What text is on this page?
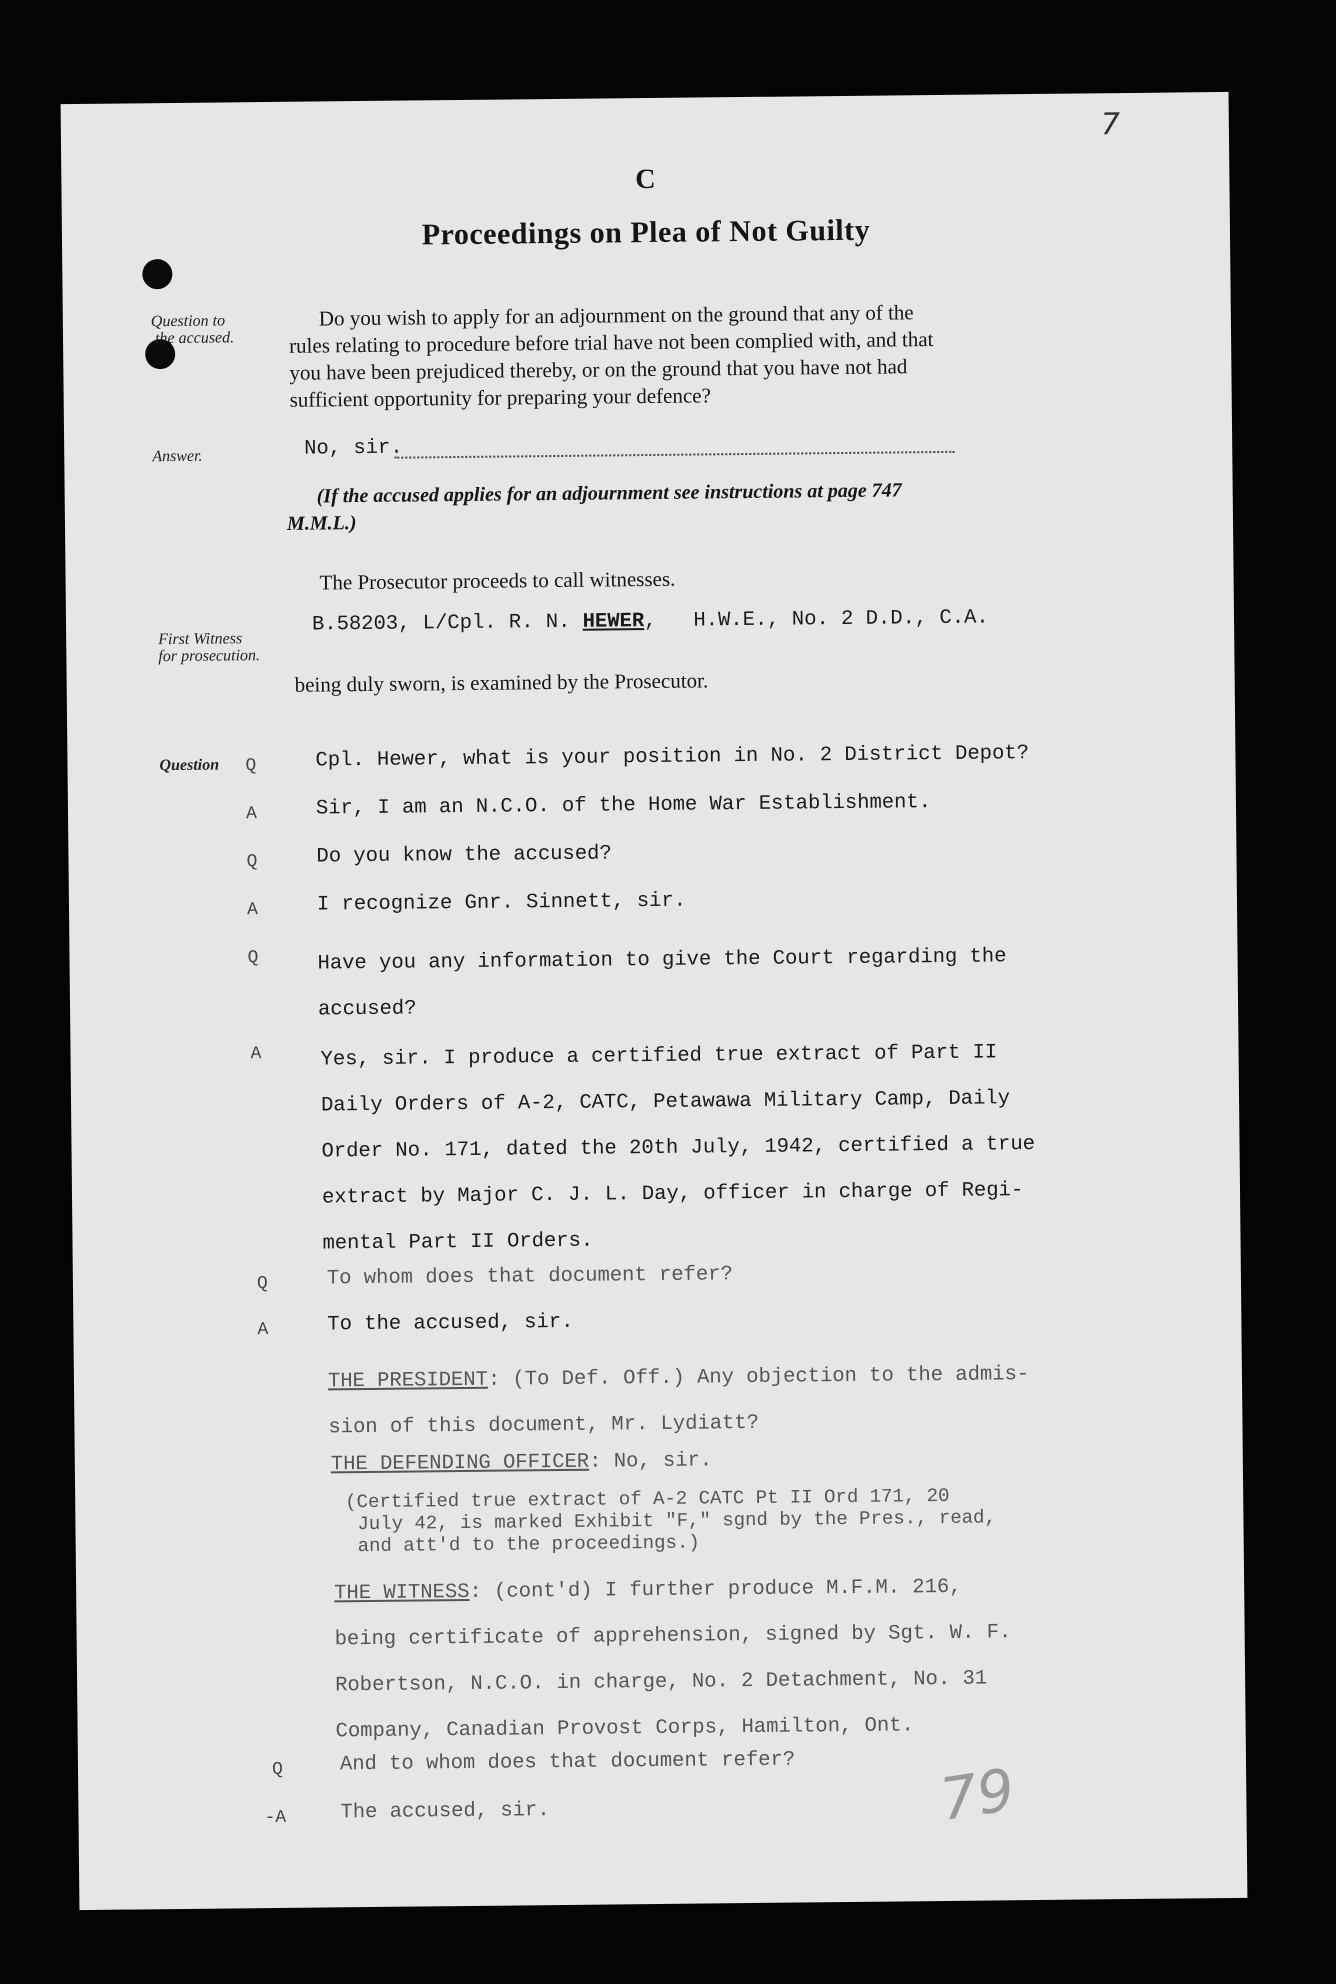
7
C
Proceedings on Plea of Not Guilty
Question to
the accused.
Answer.
First Witness
for prosecution.
Question
Do you wish to apply for an adjournment on the ground that any of the
rules relating to procedure before trial have not been complied with, and that
you have been prejudiced thereby, or on the ground that you have not had
sufficient opportunity for preparing your defence?
No, sir.
(If the accused applies for an adjournment see instructions at page 747
M.M.L.)
The Prosecutor proceeds to call witnesses.
B.58203, L/Cpl. R. N. HEWER, H.W.E., No. 2 D.D., C.A.
being duly sworn, is examined by the Prosecutor.
Q	Cpl. Hewer, what is your position in No. 2 District Depot?
A	Sir, I am an N.C.O. of the Home War Establishment.
Q	Do you know the accused?
A	I recognize Gnr. Sinnett, sir.
Q	Have you any information to give the Court regarding the
accused?
A	Yes, sir. I produce a certified true extract of Part II
Daily Orders of A-2, CATC, Petawawa Military Camp, Daily
Order No. 171, dated the 20th July, 1942, certified a true
extract by Major C. J. L. Day, officer in charge of Regi-
mental Part II Orders.
Q	To whom does that document refer?
A	To the accused, sir.
THE PRESIDENT: (To Def. Off.) Any objection to the admis-
sion of this document, Mr. Lydiatt?
THE DEFENDING OFFICER: No, sir.
(Certified true extract of A-2 CATC Pt II Ord 171, 20
July 42, is marked Exhibit "F," sgnd by the Pres., read,
and att'd to the proceedings.)
THE WITNESS: (cont'd) I further produce M.F.M. 216,
being certificate of apprehension, signed by Sgt. W. F.
Robertson, N.C.O. in charge, No. 2 Detachment, No. 31
Company, Canadian Provost Corps, Hamilton, Ont.
Q	And to whom does that document refer?
-A	The accused, sir.	79
